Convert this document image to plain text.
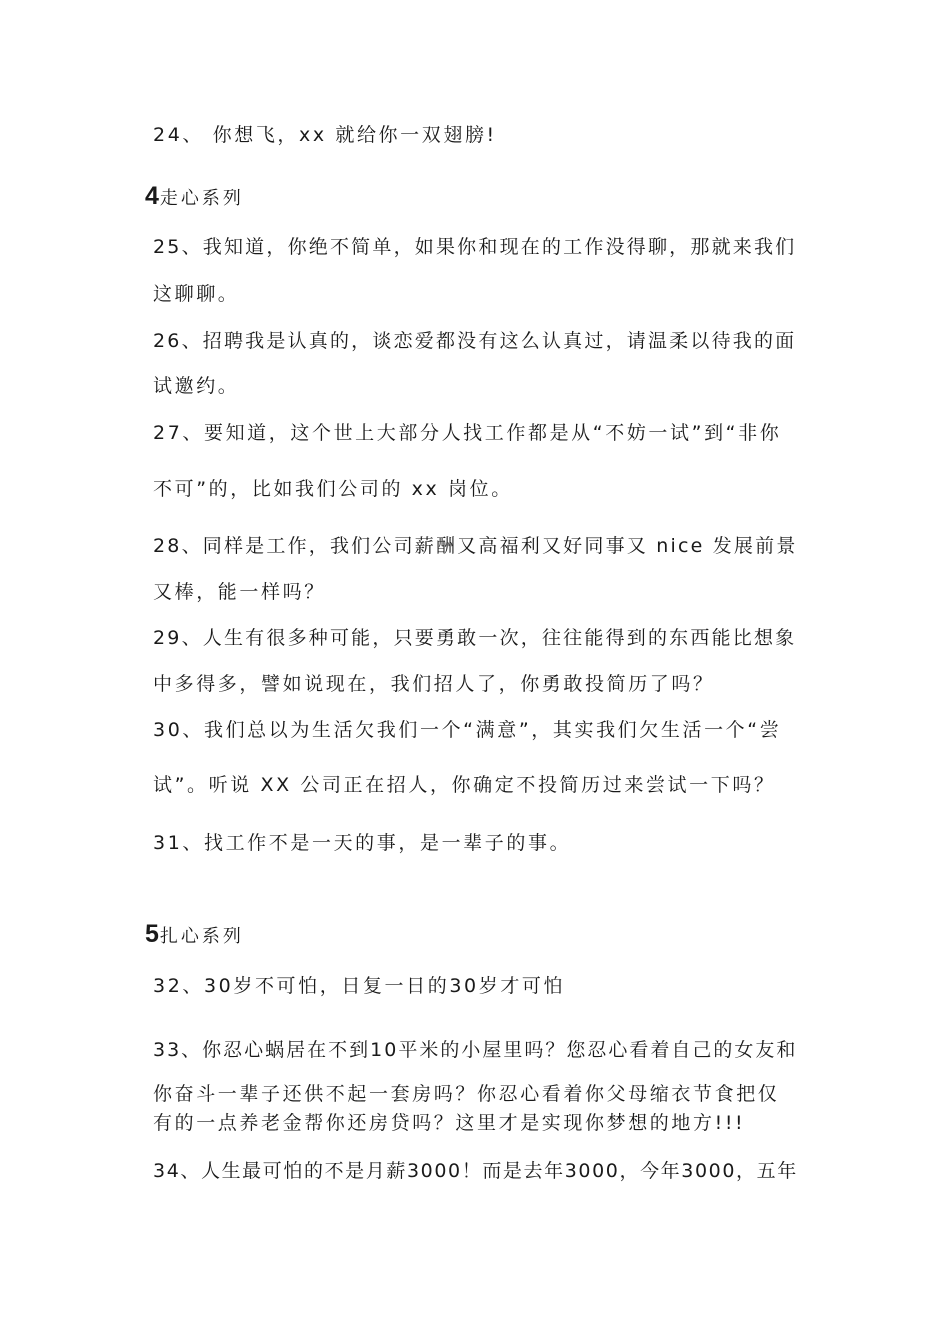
24、 你想飞，xx 就给你一双翅膀!
4走心系列
25、我知道，你绝不简单，如果你和现在的工作没得聊，那就来我们
这聊聊。
26、招聘我是认真的，谈恋爱都没有这么认真过，请温柔以待我的面
试邀约。
27、要知道，这个世上大部分人找工作都是从“不妨一试”到“非你
不可”的，比如我们公司的 xx 岗位。
28、同样是工作，我们公司薪酬又高福利又好同事又 nice 发展前景
又棒，能一样吗？
29、人生有很多种可能，只要勇敢一次，往往能得到的东西能比想象
中多得多，譬如说现在，我们招人了，你勇敢投简历了吗？
30、我们总以为生活欠我们一个“满意”，其实我们欠生活一个“尝
试”。听说 XX 公司正在招人，你确定不投简历过来尝试一下吗？
31、找工作不是一天的事，是一辈子的事。
5扎心系列
32、30岁不可怕，日复一日的30岁才可怕
33、你忍心蜗居在不到10平米的小屋里吗？您忍心看着自己的女友和
你奋斗一辈子还供不起一套房吗？你忍心看着你父母缩衣节食把仅
有的一点养老金帮你还房贷吗？这里才是实现你梦想的地方!!!
34、人生最可怕的不是月薪3000！而是去年3000，今年3000，五年
